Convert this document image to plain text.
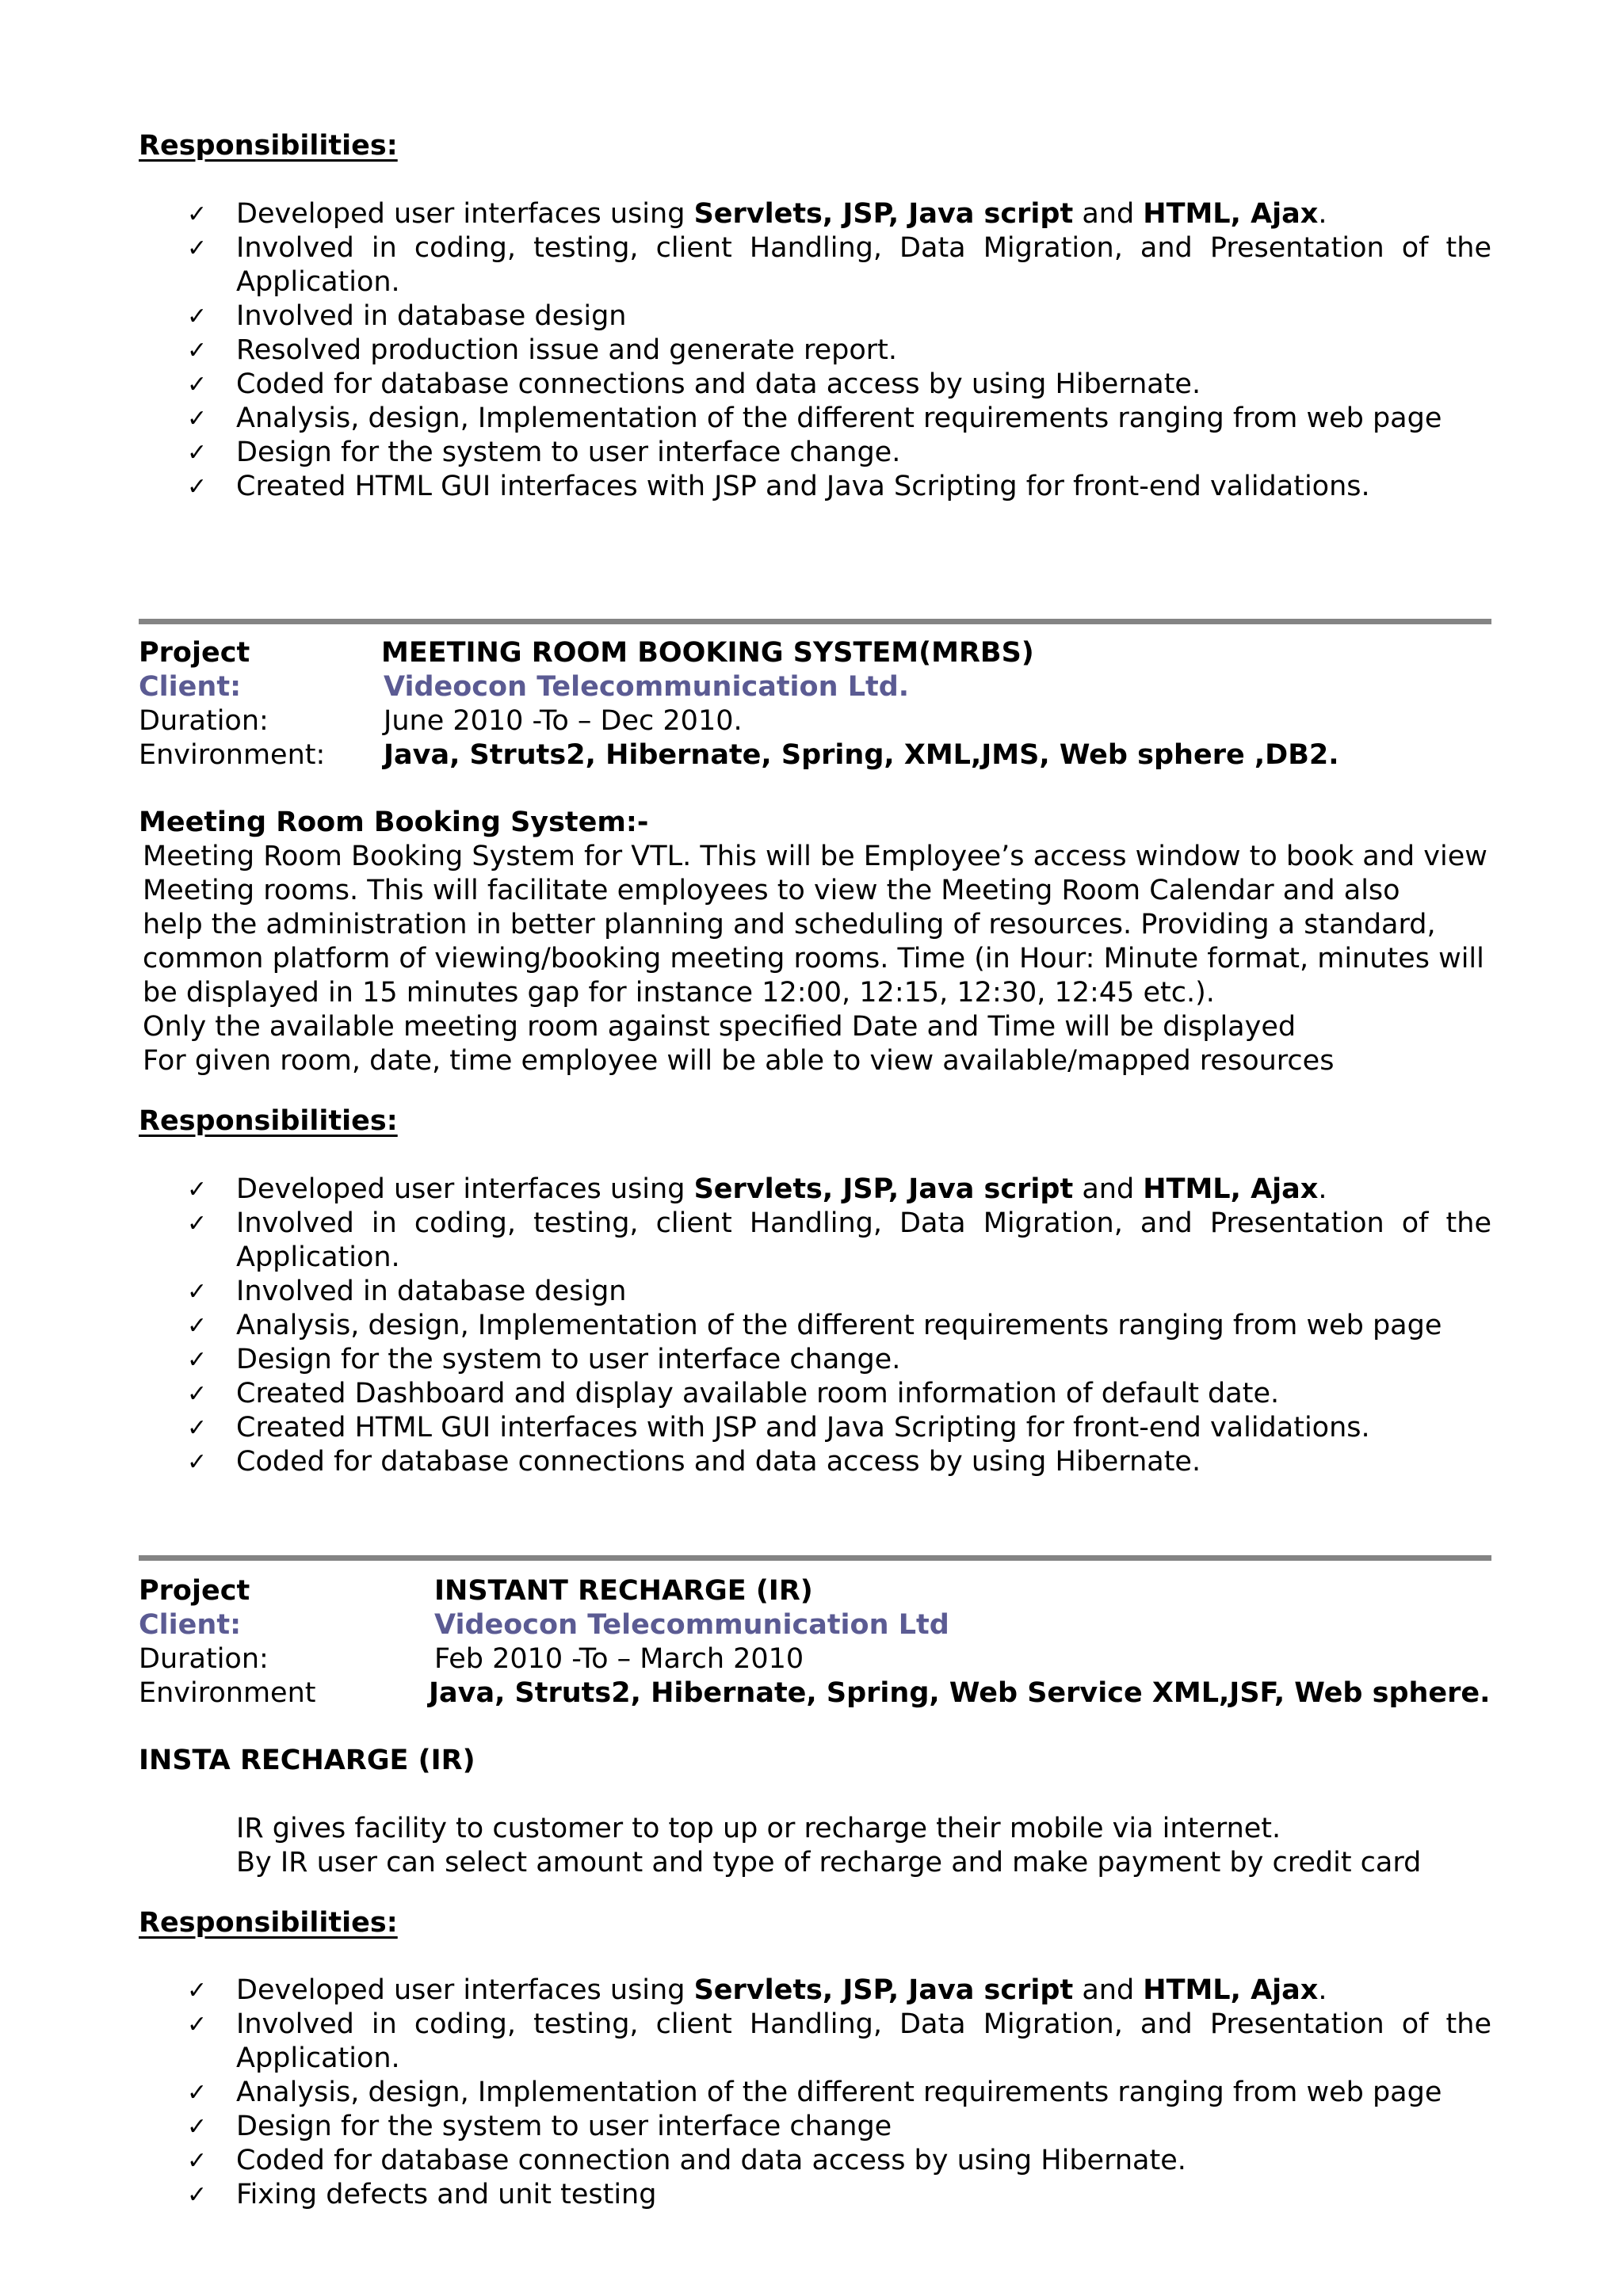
Responsibilities:
✓ Developed user interfaces using Servlets, JSP, Java script and HTML, Ajax.
✓ Involved in coding, testing, client Handling, Data Migration, and Presentation of the Application.
✓ Involved in database design
✓ Resolved production issue and generate report.
✓ Coded for database connections and data access by using Hibernate.
✓ Analysis, design, Implementation of the different requirements ranging from web page
✓ Design for the system to user interface change.
✓ Created HTML GUI interfaces with JSP and Java Scripting for front-end validations.
Project	MEETING ROOM BOOKING SYSTEM(MRBS)
Client:	Videocon Telecommunication Ltd.
Duration:	June 2010 -To – Dec 2010.
Environment: Java, Struts2, Hibernate, Spring, XML,JMS, Web sphere ,DB2.
Meeting Room Booking System:-
Meeting Room Booking System for VTL. This will be Employee’s access window to book and view
Meeting rooms. This will facilitate employees to view the Meeting Room Calendar and also
help the administration in better planning and scheduling of resources. Providing a standard,
common platform of viewing/booking meeting rooms. Time (in Hour: Minute format, minutes will
be displayed in 15 minutes gap for instance 12:00, 12:15, 12:30, 12:45 etc.).
Only the available meeting room against specified Date and Time will be displayed
For given room, date, time employee will be able to view available/mapped resources
Responsibilities:
✓ Developed user interfaces using Servlets, JSP, Java script and HTML, Ajax.
✓ Involved in coding, testing, client Handling, Data Migration, and Presentation of the Application.
✓ Involved in database design
✓ Analysis, design, Implementation of the different requirements ranging from web page
✓ Design for the system to user interface change.
✓ Created Dashboard and display available room information of default date.
✓ Created HTML GUI interfaces with JSP and Java Scripting for front-end validations.
✓ Coded for database connections and data access by using Hibernate.
Project	INSTANT RECHARGE (IR)
Client:	Videocon Telecommunication Ltd
Duration:	Feb 2010 -To – March 2010
Environment	Java, Struts2, Hibernate, Spring, Web Service XML,JSF, Web sphere.
INSTA RECHARGE (IR)
IR gives facility to customer to top up or recharge their mobile via internet.
By IR user can select amount and type of recharge and make payment by credit card
Responsibilities:
✓ Developed user interfaces using Servlets, JSP, Java script and HTML, Ajax.
✓ Involved in coding, testing, client Handling, Data Migration, and Presentation of the Application.
✓ Analysis, design, Implementation of the different requirements ranging from web page
✓ Design for the system to user interface change
✓ Coded for database connection and data access by using Hibernate.
✓ Fixing defects and unit testing
